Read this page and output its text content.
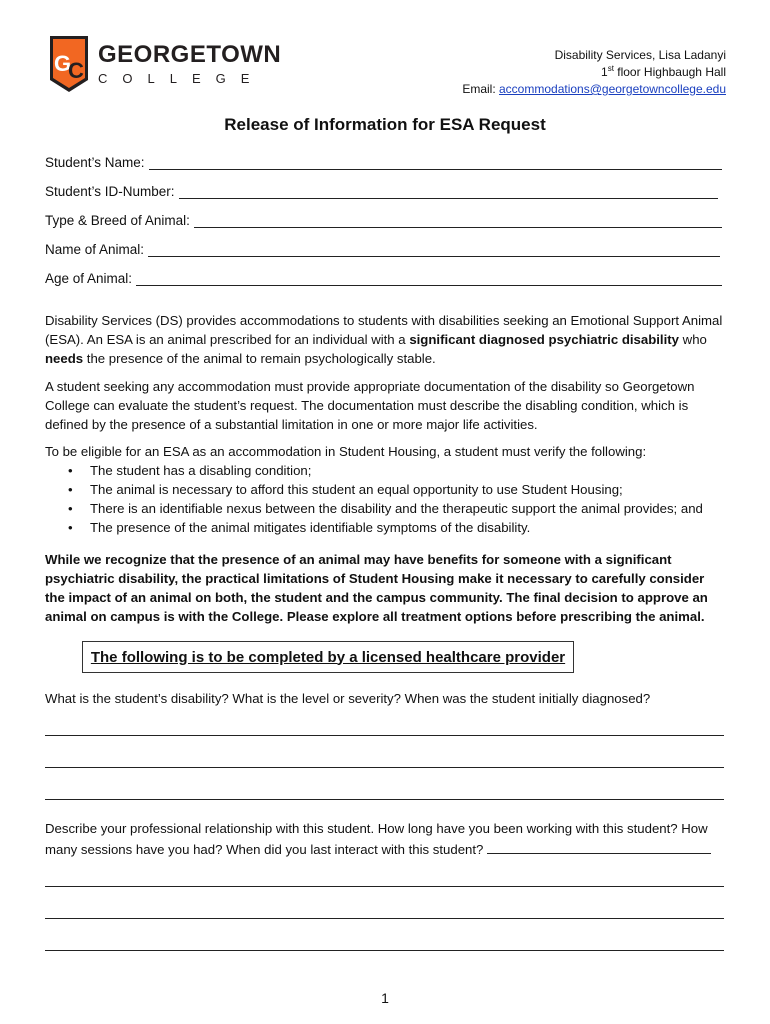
G
C
GEORGETOWN
COLLEGE
Disability Services, Lisa Ladanyi
1st floor Highbaugh Hall
Email: accommodations@georgetowncollege.edu
Release of Information for ESA Request
Student’s Name:
Student’s ID-Number:
Type & Breed of Animal:
Name of Animal:
Age of Animal:
Disability Services (DS) provides accommodations to students with disabilities seeking an Emotional Support Animal (ESA). An ESA is an animal prescribed for an individual with a significant diagnosed psychiatric disability who needs the presence of the animal to remain psychologically stable.
A student seeking any accommodation must provide appropriate documentation of the disability so Georgetown College can evaluate the student’s request. The documentation must describe the disabling condition, which is defined by the presence of a substantial limitation in one or more major life activities.
To be eligible for an ESA as an accommodation in Student Housing, a student must verify the following:
• The student has a disabling condition;
• The animal is necessary to afford this student an equal opportunity to use Student Housing;
• There is an identifiable nexus between the disability and the therapeutic support the animal provides; and
• The presence of the animal mitigates identifiable symptoms of the disability.
While we recognize that the presence of an animal may have benefits for someone with a significant psychiatric disability, the practical limitations of Student Housing make it necessary to carefully consider the impact of an animal on both, the student and the campus community. The final decision to approve an animal on campus is with the College. Please explore all treatment options before prescribing the animal.
The following is to be completed by a licensed healthcare provider
What is the student’s disability? What is the level or severity? When was the student initially diagnosed?
Describe your professional relationship with this student. How long have you been working with this student? How many sessions have you had? When did you last interact with this student?
1
